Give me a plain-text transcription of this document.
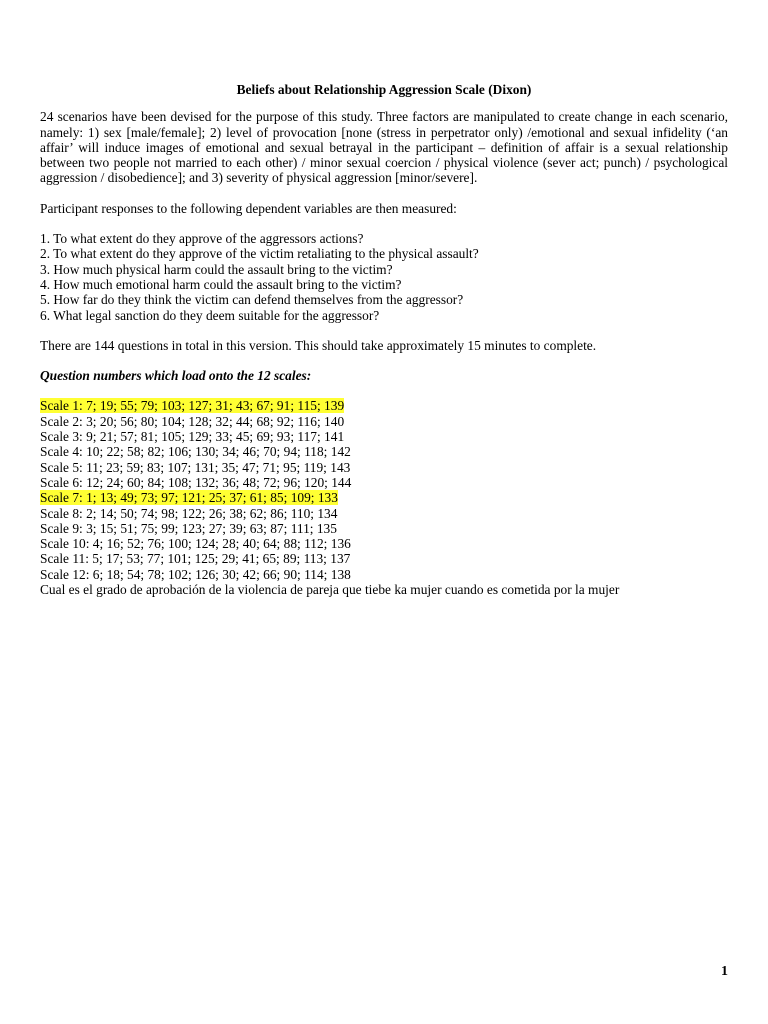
Beliefs about Relationship Aggression Scale (Dixon)

24 scenarios have been devised for the purpose of this study. Three factors are manipulated to create change in each scenario, namely: 1) sex [male/female]; 2) level of provocation [none (stress in perpetrator only) /emotional and sexual infidelity (‘an affair’ will induce images of emotional and sexual betrayal in the participant – definition of affair is a sexual relationship between two people not married to each other) / minor sexual coercion / physical violence (sever act; punch) / psychological aggression / disobedience]; and 3) severity of physical aggression [minor/severe].

Participant responses to the following dependent variables are then measured:

1. To what extent do they approve of the aggressors actions?
2. To what extent do they approve of the victim retaliating to the physical assault?
3. How much physical harm could the assault bring to the victim?
4. How much emotional harm could the assault bring to the victim?
5. How far do they think the victim can defend themselves from the aggressor?
6. What legal sanction do they deem suitable for the aggressor?

There are 144 questions in total in this version. This should take approximately 15 minutes to complete.

Question numbers which load onto the 12 scales:

Scale 1: 7; 19; 55; 79; 103; 127; 31; 43; 67; 91; 115; 139
Scale 2: 3; 20; 56; 80; 104; 128; 32; 44; 68; 92; 116; 140
Scale 3: 9; 21; 57; 81; 105; 129; 33; 45; 69; 93; 117; 141
Scale 4: 10; 22; 58; 82; 106; 130; 34; 46; 70; 94; 118; 142
Scale 5: 11; 23; 59; 83; 107; 131; 35; 47; 71; 95; 119; 143
Scale 6: 12; 24; 60; 84; 108; 132; 36; 48; 72; 96; 120; 144
Scale 7: 1; 13; 49; 73; 97; 121; 25; 37; 61; 85; 109; 133
Scale 8: 2; 14; 50; 74; 98; 122; 26; 38; 62; 86; 110; 134
Scale 9: 3; 15; 51; 75; 99; 123; 27; 39; 63; 87; 111; 135
Scale 10: 4; 16; 52; 76; 100; 124; 28; 40; 64; 88; 112; 136
Scale 11: 5; 17; 53; 77; 101; 125; 29; 41; 65; 89; 113; 137
Scale 12: 6; 18; 54; 78; 102; 126; 30; 42; 66; 90; 114; 138

Cual es el grado de aprobación de la violencia de pareja que tiebe ka mujer cuando es cometida por la mujer

1
